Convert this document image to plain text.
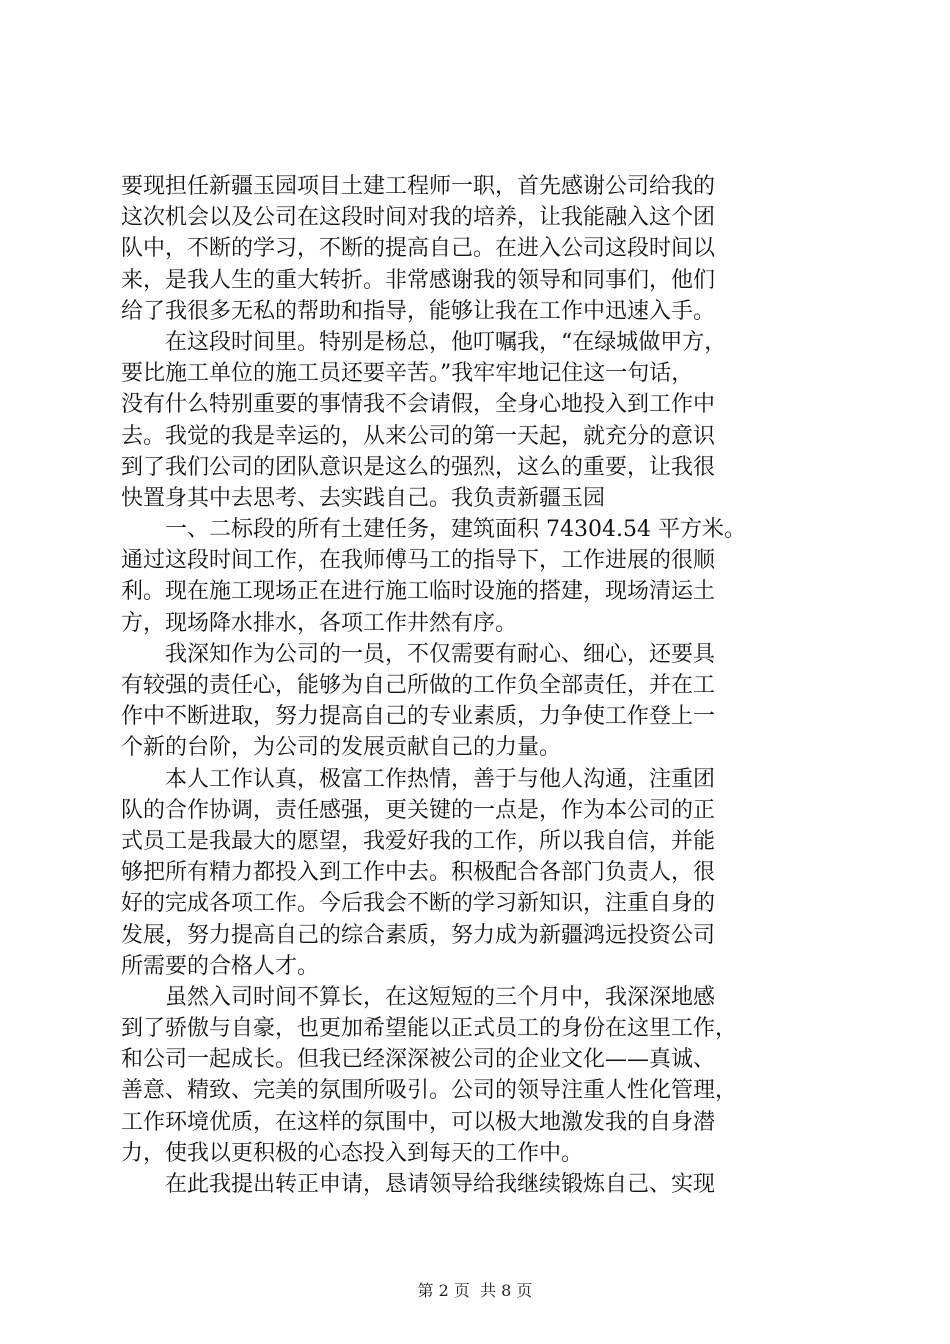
要现担任新疆玉园项目土建工程师一职，首先感谢公司给我的
这次机会以及公司在这段时间对我的培养，让我能融入这个团
队中，不断的学习，不断的提高自己。在进入公司这段时间以
来，是我人生的重大转折。非常感谢我的领导和同事们，他们
给了我很多无私的帮助和指导，能够让我在工作中迅速入手。
　　在这段时间里。特别是杨总，他叮嘱我，“在绿城做甲方，
要比施工单位的施工员还要辛苦。”我牢牢地记住这一句话，
没有什么特别重要的事情我不会请假，全身心地投入到工作中
去。我觉的我是幸运的，从来公司的第一天起，就充分的意识
到了我们公司的团队意识是这么的强烈，这么的重要，让我很
快置身其中去思考、去实践自己。我负责新疆玉园
　　一、二标段的所有土建任务，建筑面积 74304.54 平方米。
通过这段时间工作，在我师傅马工的指导下，工作进展的很顺
利。现在施工现场正在进行施工临时设施的搭建，现场清运土
方，现场降水排水，各项工作井然有序。
　　我深知作为公司的一员，不仅需要有耐心、细心，还要具
有较强的责任心，能够为自己所做的工作负全部责任，并在工
作中不断进取，努力提高自己的专业素质，力争使工作登上一
个新的台阶，为公司的发展贡献自己的力量。
　　本人工作认真，极富工作热情，善于与他人沟通，注重团
队的合作协调，责任感强，更关键的一点是，作为本公司的正
式员工是我最大的愿望，我爱好我的工作，所以我自信，并能
够把所有精力都投入到工作中去。积极配合各部门负责人，很
好的完成各项工作。今后我会不断的学习新知识，注重自身的
发展，努力提高自己的综合素质，努力成为新疆鸿远投资公司
所需要的合格人才。
　　虽然入司时间不算长，在这短短的三个月中，我深深地感
到了骄傲与自豪，也更加希望能以正式员工的身份在这里工作，
和公司一起成长。但我已经深深被公司的企业文化——真诚、
善意、精致、完美的氛围所吸引。公司的领导注重人性化管理，
工作环境优质，在这样的氛围中，可以极大地激发我的自身潜
力，使我以更积极的心态投入到每天的工作中。
　　在此我提出转正申请，恳请领导给我继续锻炼自己、实现
第 2 页  共 8 页
